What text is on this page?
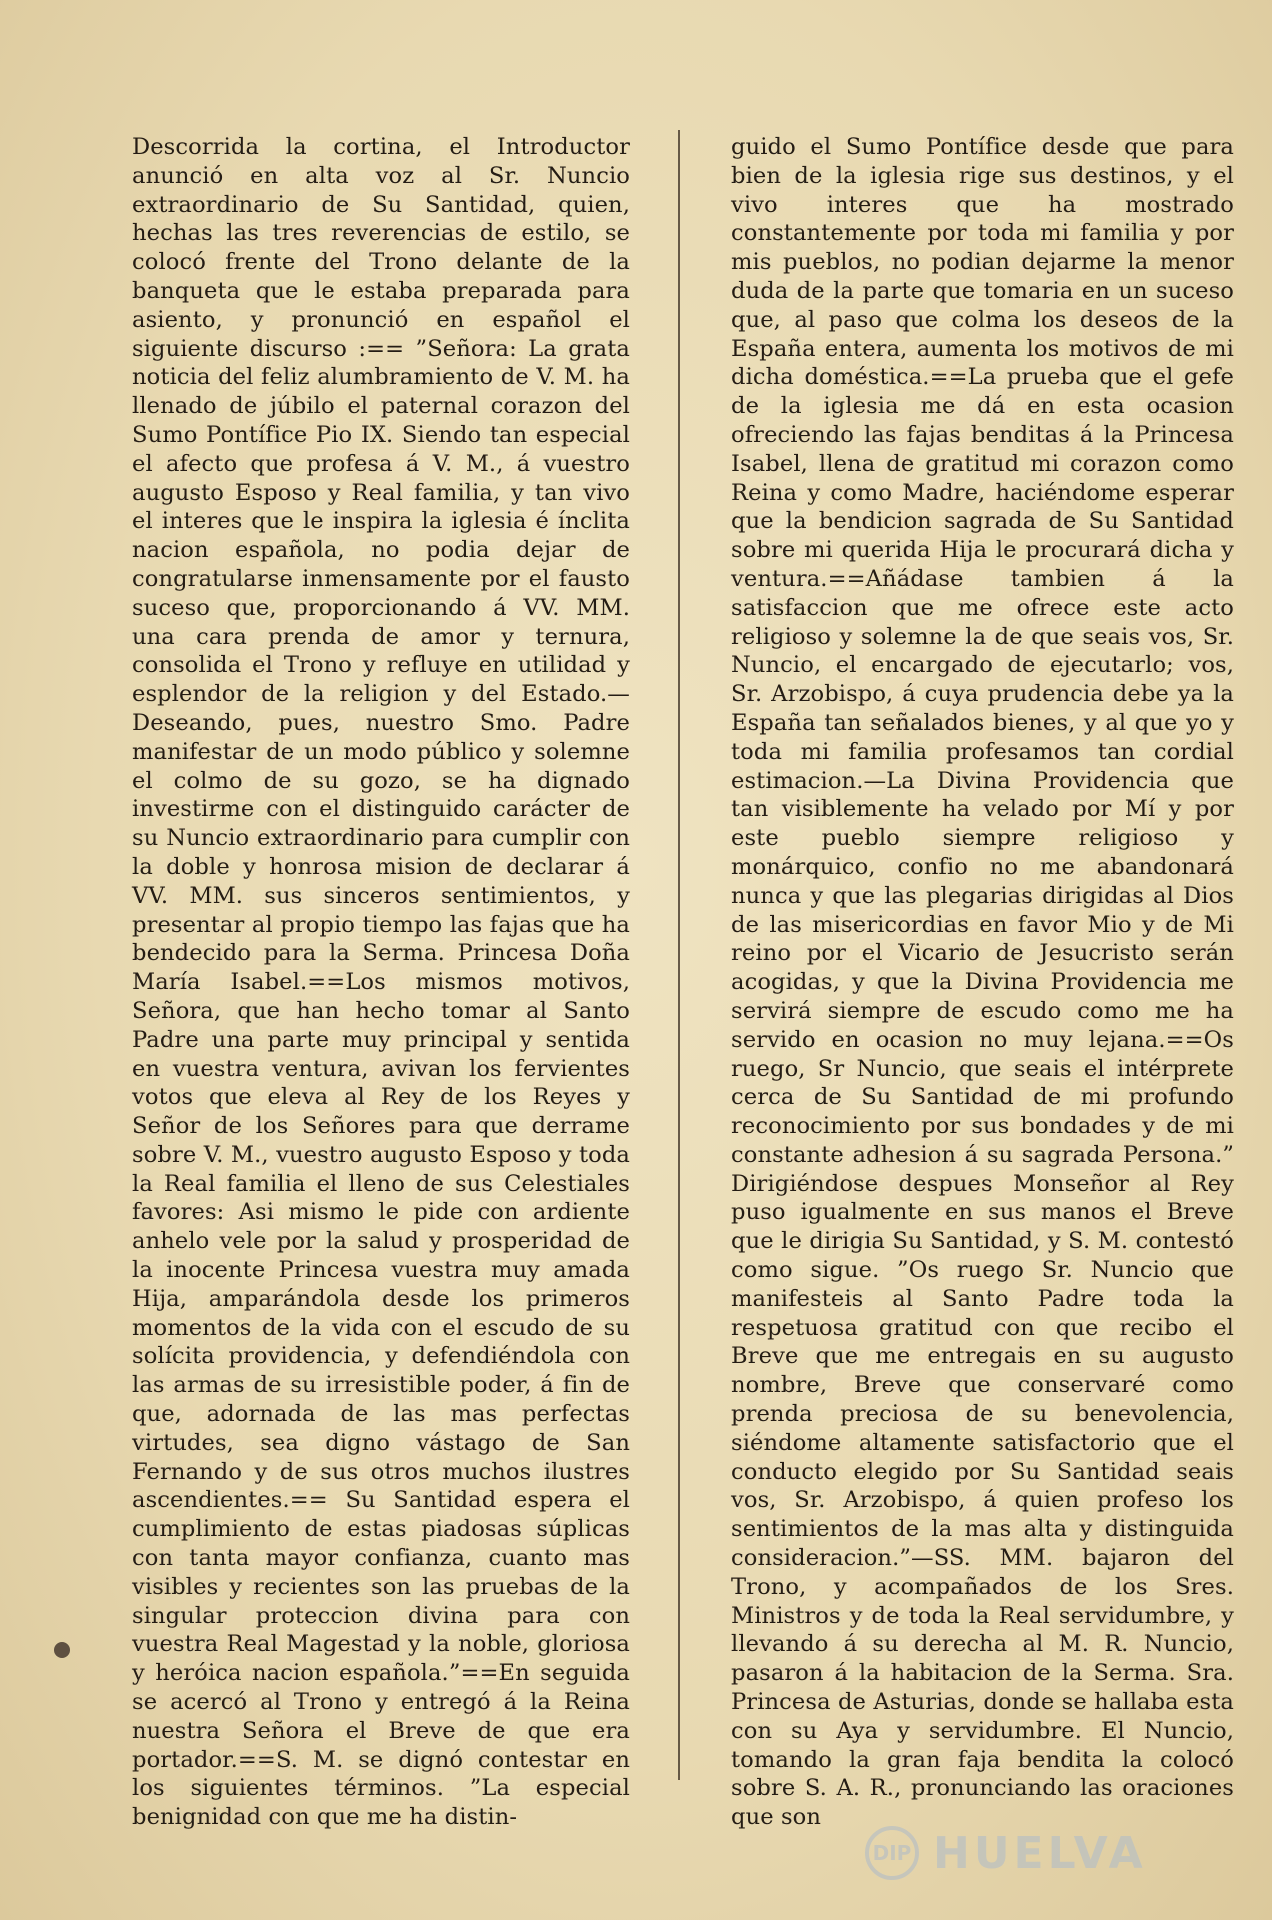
Descorrida la cortina, el Introductor anunció en alta voz al Sr. Nuncio extraordinario de Su Santidad, quien, hechas las tres reverencias de estilo, se colocó frente del Trono delante de la banqueta que le estaba preparada para asiento, y pronunció en español el siguiente discurso :== ”Señora: La grata noticia del feliz alumbramiento de V. M. ha llenado de júbilo el paternal corazon del Sumo Pontífice Pio IX. Siendo tan especial el afecto que profesa á V. M., á vuestro augusto Esposo y Real familia, y tan vivo el interes que le inspira la iglesia é ínclita nacion española, no podia dejar de congratularse inmensamente por el fausto suceso que, proporcionando á VV. MM. una cara prenda de amor y ternura, consolida el Trono y refluye en utilidad y esplendor de la religion y del Estado.—Deseando, pues, nuestro Smo. Padre manifestar de un modo público y solemne el colmo de su gozo, se ha dignado investirme con el distinguido carácter de su Nuncio extraordinario para cumplir con la doble y honrosa mision de declarar á VV. MM. sus sinceros sentimientos, y presentar al propio tiempo las fajas que ha bendecido para la Serma. Princesa Doña María Isabel.==Los mismos motivos, Señora, que han hecho tomar al Santo Padre una parte muy principal y sentida en vuestra ventura, avivan los fervientes votos que eleva al Rey de los Reyes y Señor de los Señores para que derrame sobre V. M., vuestro augusto Esposo y toda la Real familia el lleno de sus Celestiales favores: Asi mismo le pide con ardiente anhelo vele por la salud y prosperidad de la inocente Princesa vuestra muy amada Hija, amparándola desde los primeros momentos de la vida con el escudo de su solícita providencia, y defendiéndola con las armas de su irresistible poder, á fin de que, adornada de las mas perfectas virtudes, sea digno vástago de San Fernando y de sus otros muchos ilustres ascendientes.== Su Santidad espera el cumplimiento de estas piadosas súplicas con tanta mayor confianza, cuanto mas visibles y recientes son las pruebas de la singular proteccion divina para con vuestra Real Magestad y la noble, gloriosa y heróica nacion española.”==En seguida se acercó al Trono y entregó á la Reina nuestra Señora el Breve de que era portador.==S. M. se dignó contestar en los siguientes términos. ”La especial benignidad con que me ha distin-
guido el Sumo Pontífice desde que para bien de la iglesia rige sus destinos, y el vivo interes que ha mostrado constantemente por toda mi familia y por mis pueblos, no podian dejarme la menor duda de la parte que tomaria en un suceso que, al paso que colma los deseos de la España entera, aumenta los motivos de mi dicha doméstica.==La prueba que el gefe de la iglesia me dá en esta ocasion ofreciendo las fajas benditas á la Princesa Isabel, llena de gratitud mi corazon como Reina y como Madre, haciéndome esperar que la bendicion sagrada de Su Santidad sobre mi querida Hija le procurará dicha y ventura.==Añádase tambien á la satisfaccion que me ofrece este acto religioso y solemne la de que seais vos, Sr. Nuncio, el encargado de ejecutarlo; vos, Sr. Arzobispo, á cuya prudencia debe ya la España tan señalados bienes, y al que yo y toda mi familia profesamos tan cordial estimacion.—La Divina Providencia que tan visiblemente ha velado por Mí y por este pueblo siempre religioso y monárquico, confio no me abandonará nunca y que las plegarias dirigidas al Dios de las misericordias en favor Mio y de Mi reino por el Vicario de Jesucristo serán acogidas, y que la Divina Providencia me servirá siempre de escudo como me ha servido en ocasion no muy lejana.==Os ruego, Sr Nuncio, que seais el intérprete cerca de Su Santidad de mi profundo reconocimiento por sus bondades y de mi constante adhesion á su sagrada Persona.” Dirigiéndose despues Monseñor al Rey puso igualmente en sus manos el Breve que le dirigia Su Santidad, y S. M. contestó como sigue. ”Os ruego Sr. Nuncio que manifesteis al Santo Padre toda la respetuosa gratitud con que recibo el Breve que me entregais en su augusto nombre, Breve que conservaré como prenda preciosa de su benevolencia, siéndome altamente satisfactorio que el conducto elegido por Su Santidad seais vos, Sr. Arzobispo, á quien profeso los sentimientos de la mas alta y distinguida consideracion.”—SS. MM. bajaron del Trono, y acompañados de los Sres. Ministros y de toda la Real servidumbre, y llevando á su derecha al M. R. Nuncio, pasaron á la habitacion de la Serma. Sra. Princesa de Asturias, donde se hallaba esta con su Aya y servidumbre. El Nuncio, tomando la gran faja bendita la colocó sobre S. A. R., pronunciando las oraciones que son
DIP HUELVA
